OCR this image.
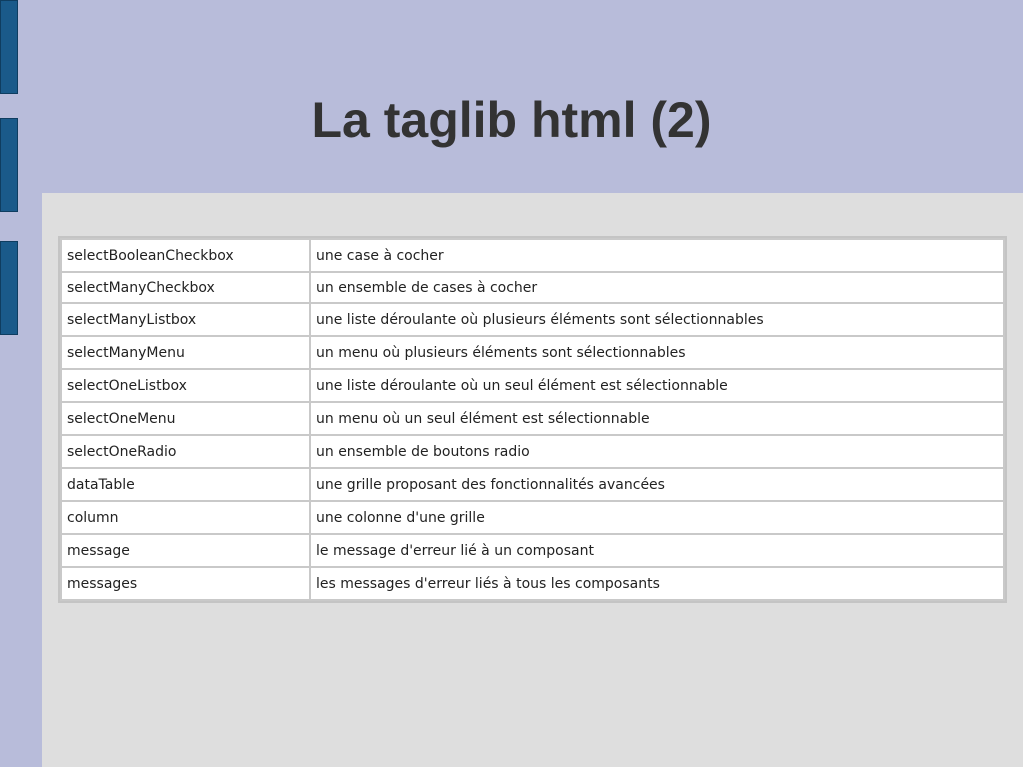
La taglib html (2)
selectBooleanCheckbox	une case à cocher
selectManyCheckbox	un ensemble de cases à cocher
selectManyListbox	une liste déroulante où plusieurs éléments sont sélectionnables
selectManyMenu	un menu où plusieurs éléments sont sélectionnables
selectOneListbox	une liste déroulante où un seul élément est sélectionnable
selectOneMenu	un menu où un seul élément est sélectionnable
selectOneRadio	un ensemble de boutons radio
dataTable	une grille proposant des fonctionnalités avancées
column	une colonne d'une grille
message	le message d'erreur lié à un composant
messages	les messages d'erreur liés à tous les composants
